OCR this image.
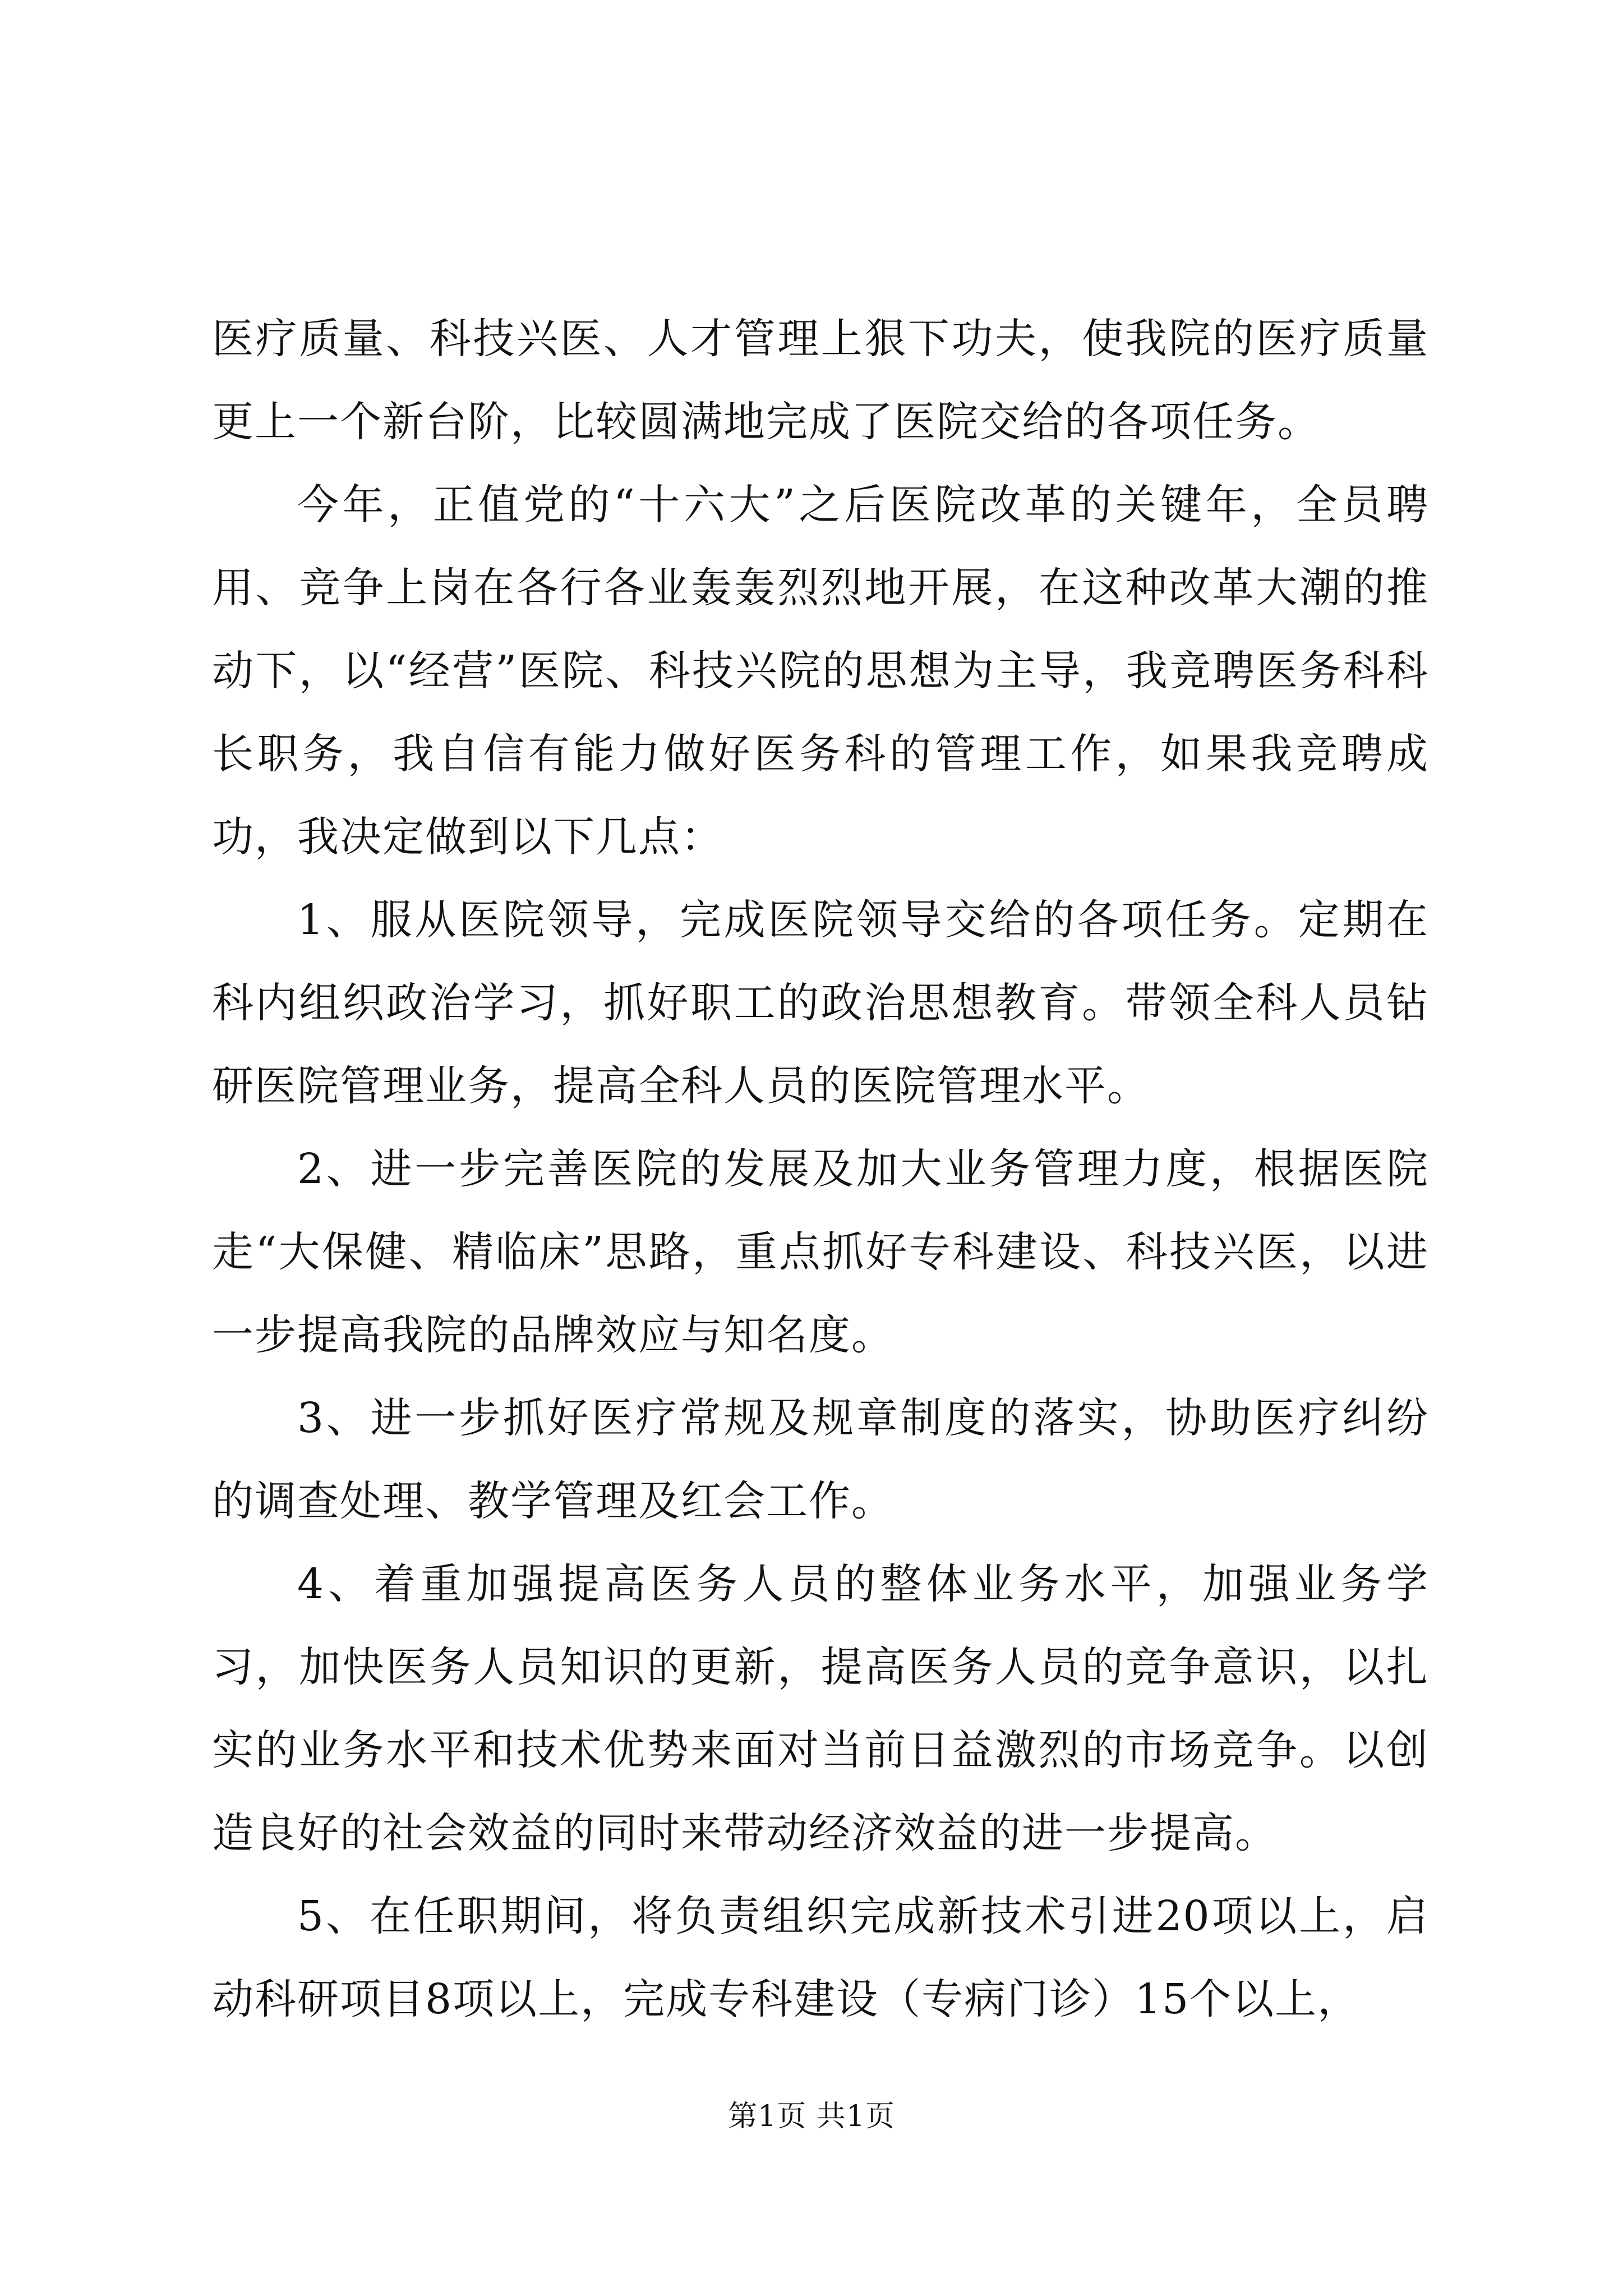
医疗质量、科技兴医、人才管理上狠下功夫，使我院的医疗质量更上一个新台阶，比较圆满地完成了医院交给的各项任务。

今年，正值党的“十六大”之后医院改革的关键年，全员聘用、竞争上岗在各行各业轰轰烈烈地开展，在这种改革大潮的推动下，以“经营”医院、科技兴院的思想为主导，我竞聘医务科科长职务，我自信有能力做好医务科的管理工作，如果我竞聘成功，我决定做到以下几点：

1、服从医院领导，完成医院领导交给的各项任务。定期在科内组织政治学习，抓好职工的政治思想教育。带领全科人员钻研医院管理业务，提高全科人员的医院管理水平。

2、进一步完善医院的发展及加大业务管理力度，根据医院走“大保健、精临床”思路，重点抓好专科建设、科技兴医，以进一步提高我院的品牌效应与知名度。

3、进一步抓好医疗常规及规章制度的落实，协助医疗纠纷的调查处理、教学管理及红会工作。

4、着重加强提高医务人员的整体业务水平，加强业务学习，加快医务人员知识的更新，提高医务人员的竞争意识，以扎实的业务水平和技术优势来面对当前日益激烈的市场竞争。以创造良好的社会效益的同时来带动经济效益的进一步提高。

5、在任职期间，将负责组织完成新技术引进20项以上，启动科研项目8项以上，完成专科建设（专病门诊）15个以上，

第1页 共1页
